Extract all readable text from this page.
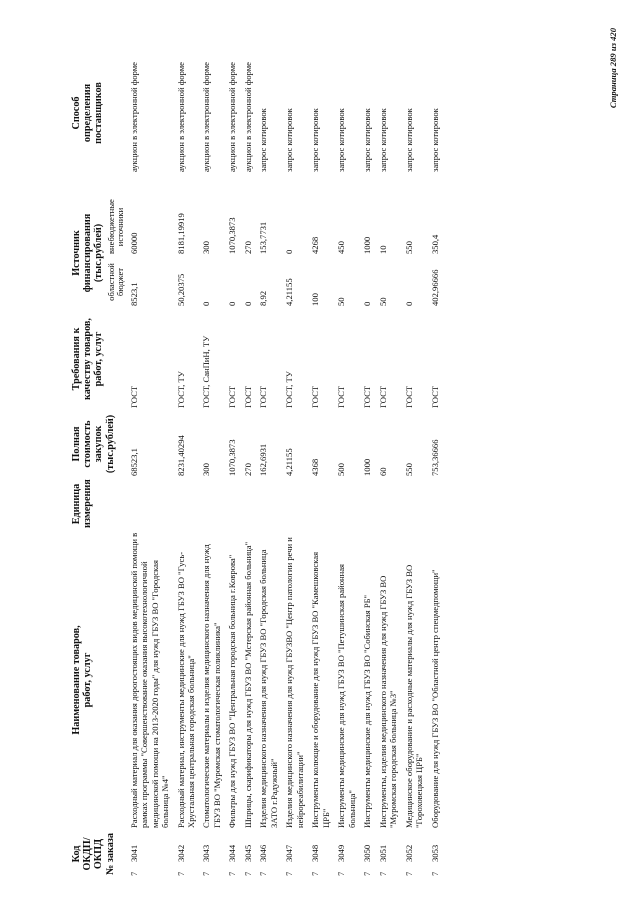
Код
ОКДП/
ОКПД
№ заказа		Наименование товаров,
работ, услуг	Единица
измерения	Полная
стоимость
закупок
(тыс.рублей)	Требования к
качеству товаров,
работ, услуг	Источник
финансирования
(тыс.рублей)		Способ
определения
поставщиков
						областной
бюджет	внебюджетные
источники	
7	3041	Расходный материал для оказания дорогостоящих видов медицинской помощи в рамках программы "Совершенствование оказания высокотехнологичной медицинской помощи на 2013-2020 годы" для нужд ГБУЗ ВО "Городская больница №4"		68523,1	ГОСТ	8523,1	60000	аукцион в электронной форме
7	3042	Расходный материал, инструменты медицинские для нужд ГБУЗ ВО "Гусь-Хрустальная центральная городская больница"		8231,40294	ГОСТ, ТУ	50,20375	8181,19919	аукцион в электронной форме
7	3043	Стоматологические материалы и изделия медицинского назначения для нужд ГБУЗ ВО "Муромская стоматологическая поликлиника"		300	ГОСТ, СанПиН, ТУ	0	300	аукцион в электронной форме
7	3044	Фильтры для нужд ГБУЗ ВО "Центральная городская больница г.Коврова"		1070,3873	ГОСТ	0	1070,3873	аукцион в электронной форме
7	3045	Шприцы, скарификаторы для нужд ГБУЗ ВО "Мстерская районная больница"		270	ГОСТ	0	270	аукцион в электронной форме
7	3046	Изделия медицинского назначения для нужд ГБУЗ ВО "Городская больница ЗАТО г.Радужный"		162,6931	ГОСТ	8,92	153,7731	запрос котировок
7	3047	Изделия медицинского назначения для нужд ГБУЗВО "Центр патологии речи и нейрореабилитации"		4,21155	ГОСТ, ТУ	4,21155	0	запрос котировок
7	3048	Инструменты колющие и оборудование для нужд ГБУЗ ВО "Камешковская ЦРБ"		4368	ГОСТ	100	4268	запрос котировок
7	3049	Инструменты медицинские для нужд ГБУЗ ВО "Петушинская районная больница"		500	ГОСТ	50	450	запрос котировок
7	3050	Инструменты медицинские для нужд ГБУЗ ВО "Собинская РБ"		1000	ГОСТ	0	1000	запрос котировок
7	3051	Инструменты, изделия медицинского назначения для нужд ГБУЗ ВО "Муромская городская больница №3"		60	ГОСТ	50	10	запрос котировок
7	3052	Медицинское оборудование и расходные материалы для нужд ГБУЗ ВО "Гороховецкая ЦРБ"		550	ГОСТ	0	550	запрос котировок
7	3053	Оборудование для нужд ГБУЗ ВО "Областной центр спецмедпомощи"		753,36666	ГОСТ	402,96666	350,4	запрос котировок
Страница 289 из 420
